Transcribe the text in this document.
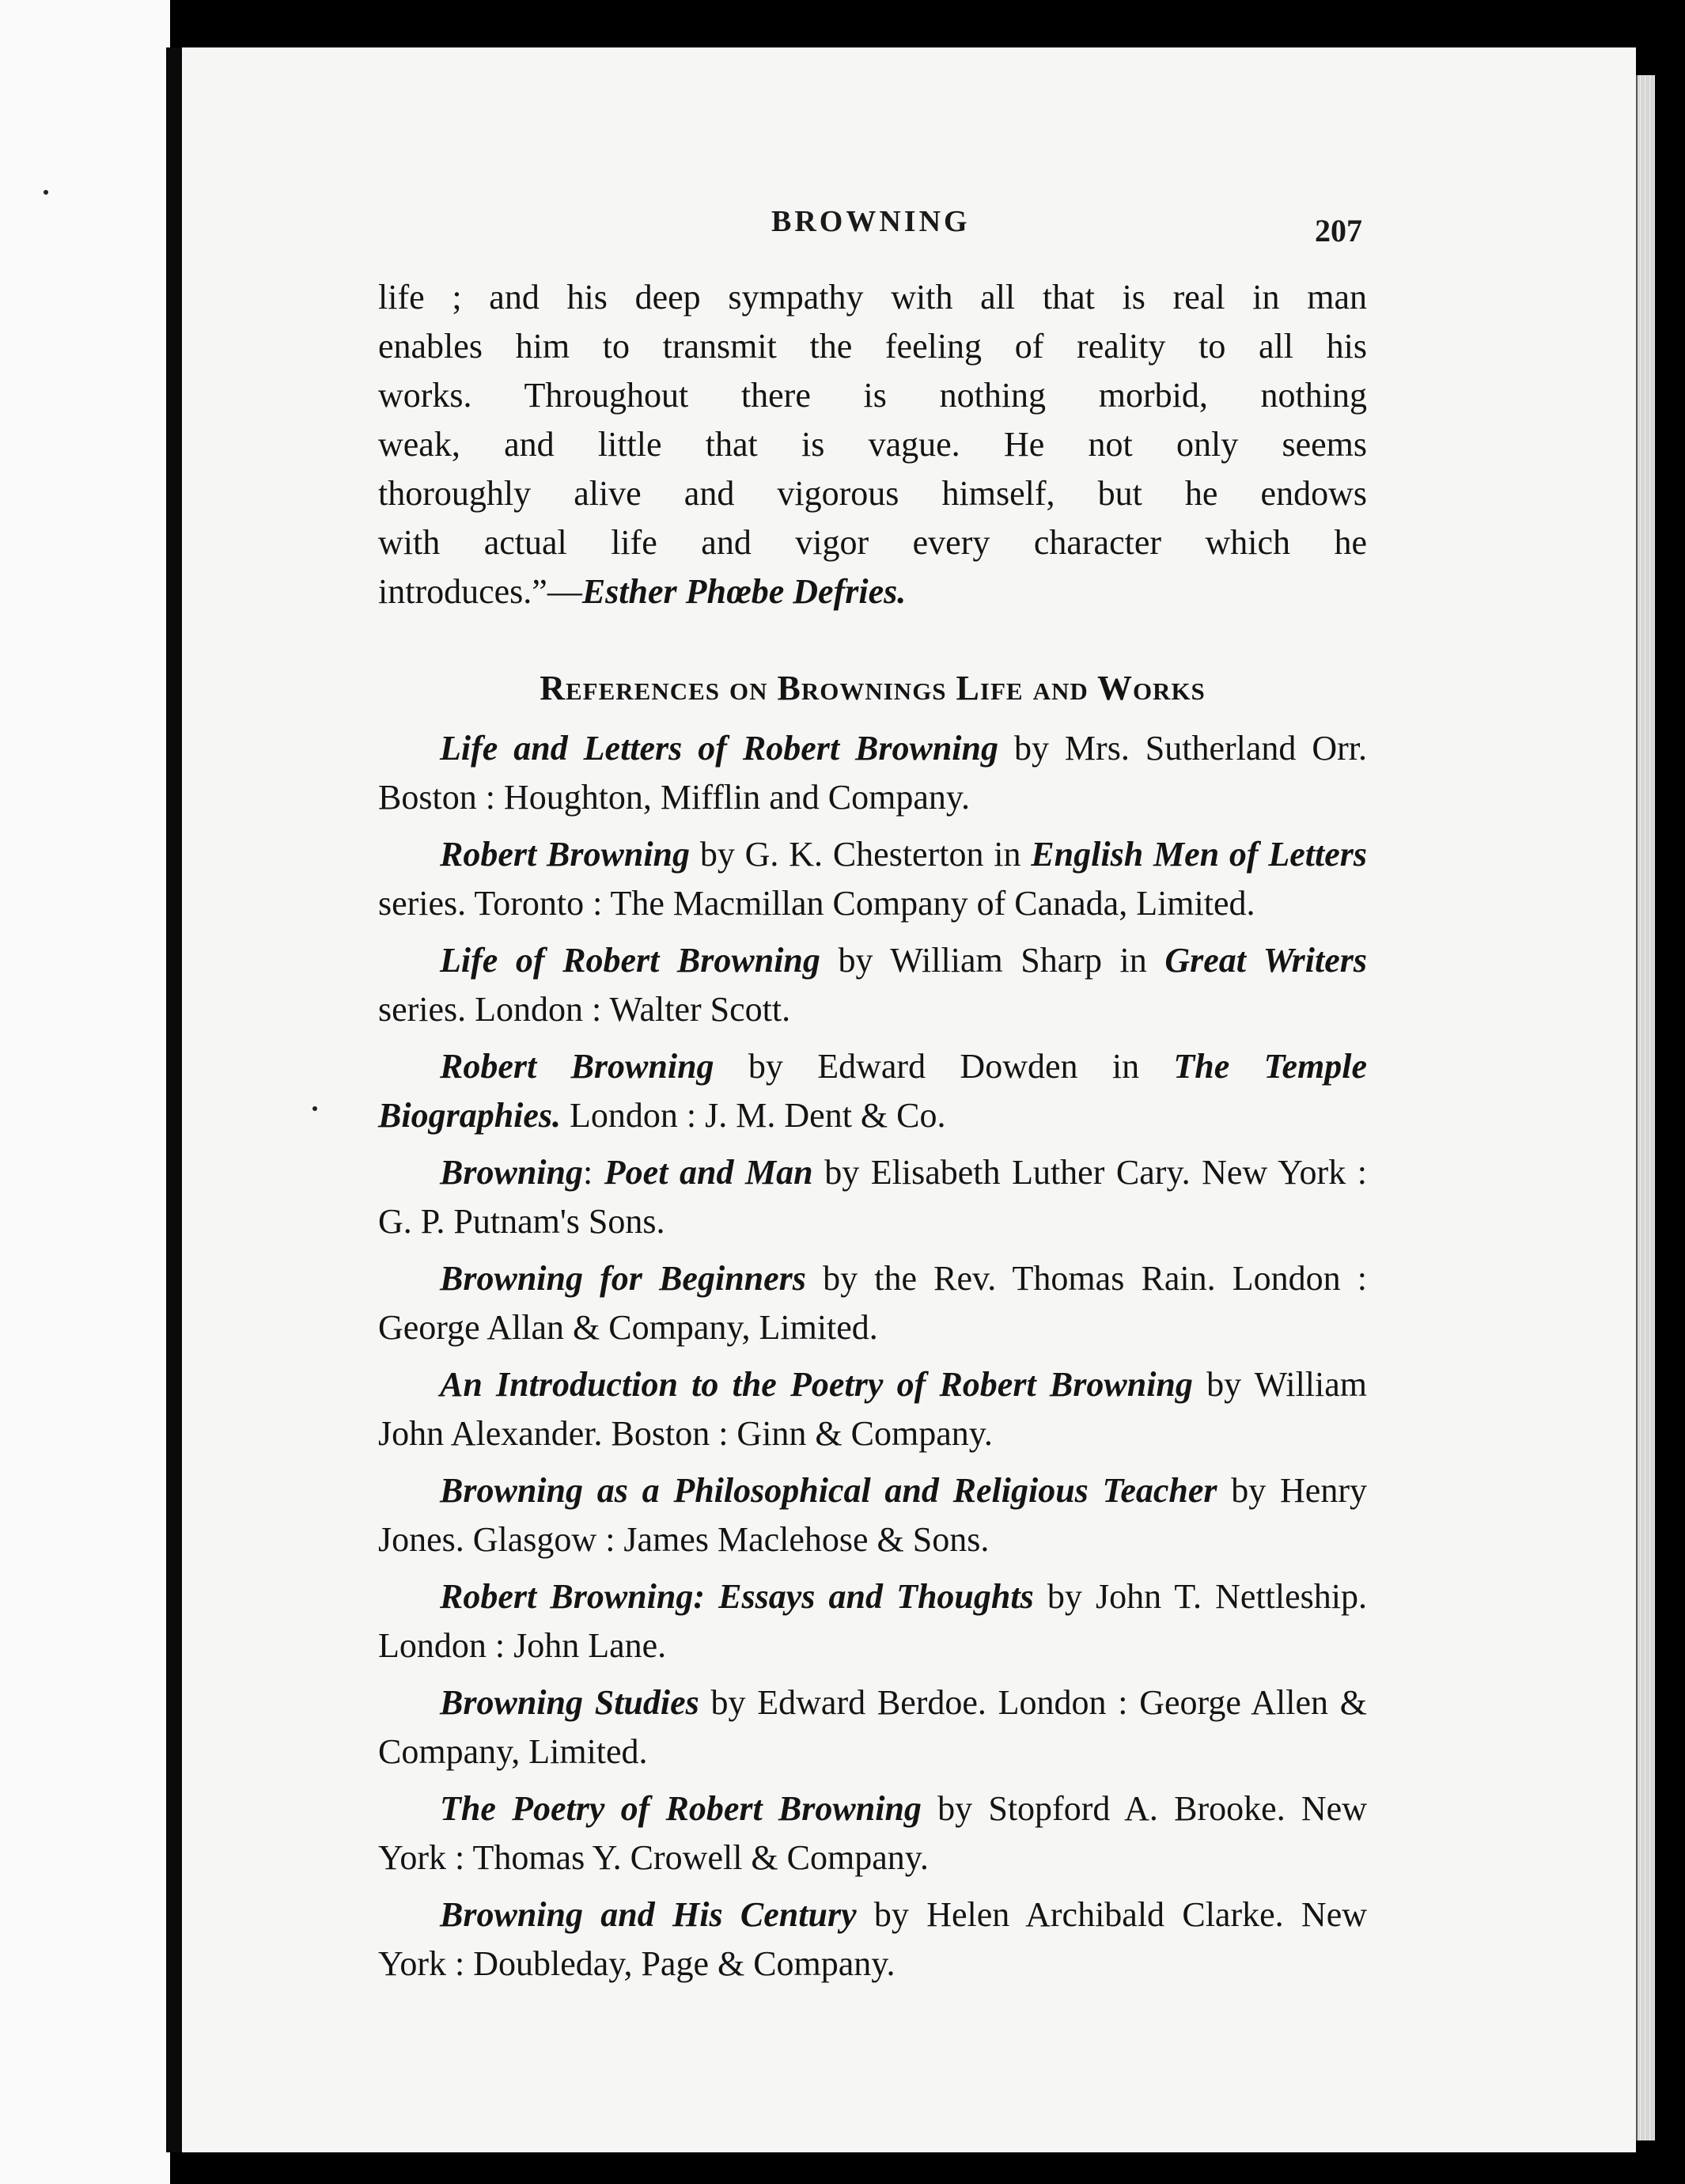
BROWNING	207
life ; and his deep sympathy with all that is real in man
enables him to transmit the feeling of reality to all his
works. Throughout there is nothing morbid, nothing
weak, and little that is vague. He not only seems
thoroughly alive and vigorous himself, but he endows
with actual life and vigor every character which he
introduces.”—Esther Phœbe Defries.
References on Brownings Life and Works

Life and Letters of Robert Browning by Mrs. Sutherland Orr. Boston : Houghton, Mifflin and Company.

Robert Browning by G. K. Chesterton in English Men of Letters series. Toronto : The Macmillan Company of Canada, Limited.

Life of Robert Browning by William Sharp in Great Writers series. London : Walter Scott.

Robert Browning by Edward Dowden in The Temple Biographies. London : J. M. Dent & Co.

Browning: Poet and Man by Elisabeth Luther Cary. New York : G. P. Putnam's Sons.

Browning for Beginners by the Rev. Thomas Rain. London : George Allan & Company, Limited.

An Introduction to the Poetry of Robert Browning by William John Alexander. Boston : Ginn & Company.

Browning as a Philosophical and Religious Teacher by Henry Jones. Glasgow : James Maclehose & Sons.

Robert Browning: Essays and Thoughts by John T. Nettleship. London : John Lane.

Browning Studies by Edward Berdoe. London : George Allen & Company, Limited.

The Poetry of Robert Browning by Stopford A. Brooke. New York : Thomas Y. Crowell & Company.

Browning and His Century by Helen Archibald Clarke. New York : Doubleday, Page & Company.
